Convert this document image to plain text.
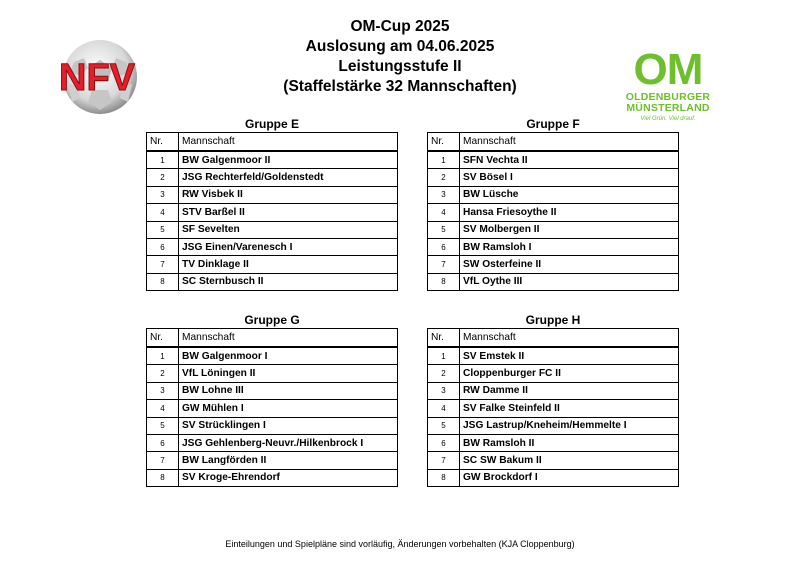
OM-Cup 2025
Auslosung am 04.06.2025
Leistungsstufe II
(Staffelstärke 32 Mannschaften)
NFV	OM
OLDENBURGER
MÜNSTERLAND
Viel Grün. Viel drauf.
Gruppe E
Nr.	Mannschaft
1	BW Galgenmoor II
2	JSG Rechterfeld/Goldenstedt
3	RW Visbek II
4	STV Barßel II
5	SF Sevelten
6	JSG Einen/Varenesch I
7	TV Dinklage II
8	SC Sternbusch II
Gruppe F
Nr.	Mannschaft
1	SFN Vechta II
2	SV Bösel I
3	BW Lüsche
4	Hansa Friesoythe II
5	SV Molbergen II
6	BW Ramsloh I
7	SW Osterfeine II
8	VfL Oythe III
Gruppe G
Nr.	Mannschaft
1	BW Galgenmoor I
2	VfL Löningen II
3	BW Lohne III
4	GW Mühlen I
5	SV Strücklingen I
6	JSG Gehlenberg-Neuvr./Hilkenbrock I
7	BW Langförden II
8	SV Kroge-Ehrendorf
Gruppe H
Nr.	Mannschaft
1	SV Emstek II
2	Cloppenburger FC II
3	RW Damme II
4	SV Falke Steinfeld II
5	JSG Lastrup/Kneheim/Hemmelte I
6	BW Ramsloh II
7	SC SW Bakum II
8	GW Brockdorf I
Einteilungen und Spielpläne sind vorläufig, Änderungen vorbehalten (KJA Cloppenburg)
